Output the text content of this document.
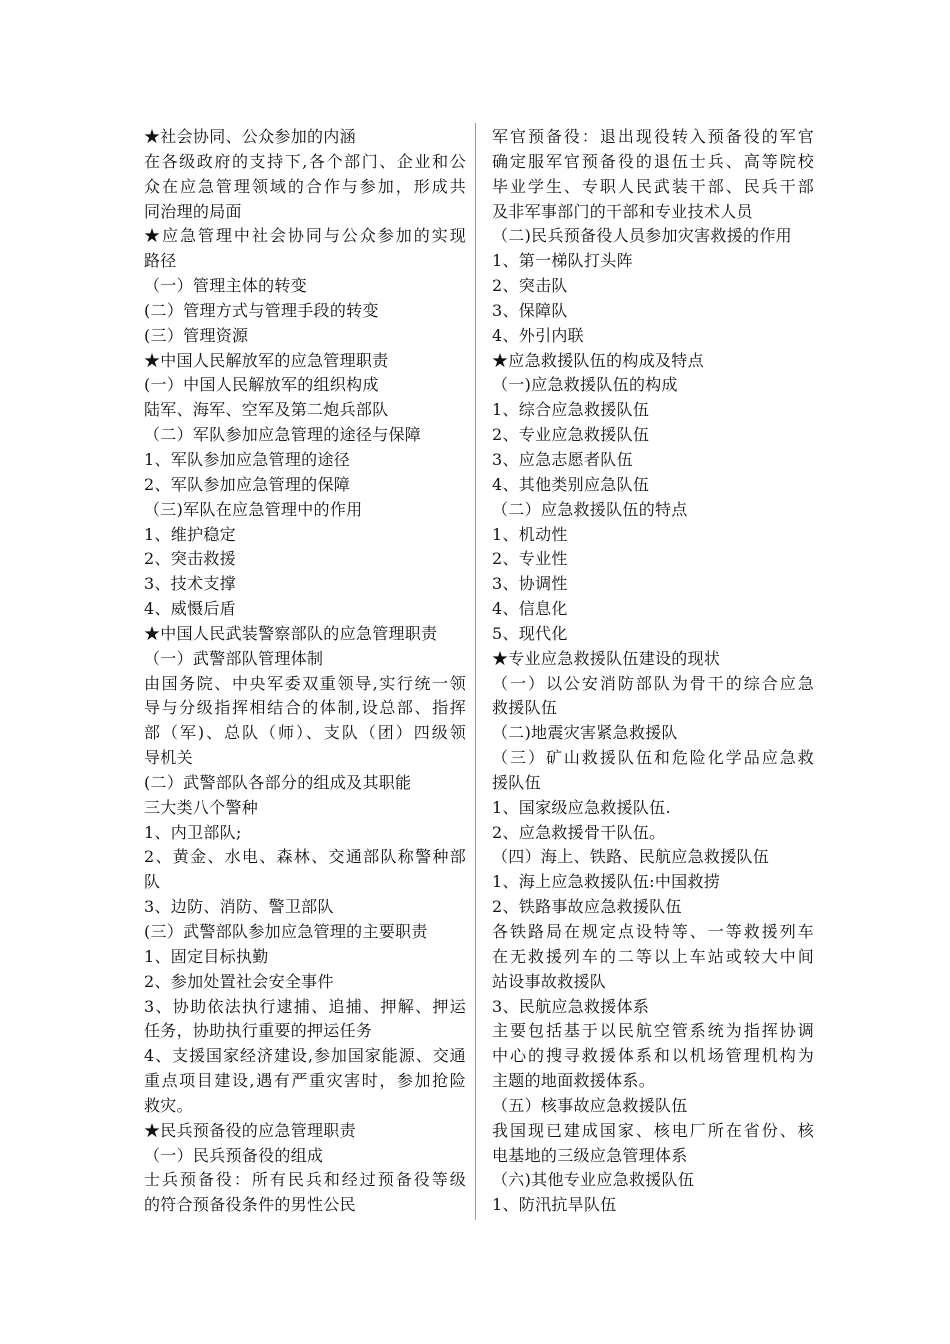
★社会协同、公众参加的内涵
在各级政府的支持下,各个部门、企业和公
众在应急管理领域的合作与参加，形成共
同治理的局面
★应急管理中社会协同与公众参加的实现
路径
（一）管理主体的转变
(二）管理方式与管理手段的转变
(三）管理资源
★中国人民解放军的应急管理职责
(一）中国人民解放军的组织构成
陆军、海军、空军及第二炮兵部队
（二）军队参加应急管理的途径与保障
1、军队参加应急管理的途径
2、军队参加应急管理的保障
（三)军队在应急管理中的作用
1、维护稳定
2、突击救援
3、技术支撑
4、威慑后盾
★中国人民武装警察部队的应急管理职责
（一）武警部队管理体制
由国务院、中央军委双重领导,实行统一领
导与分级指挥相结合的体制,设总部、指挥
部（军)、总队（师）、支队（团）四级领
导机关
(二）武警部队各部分的组成及其职能
三大类八个警种
1、内卫部队;
2、黄金、水电、森林、交通部队称警种部
队
3、边防、消防、警卫部队
(三）武警部队参加应急管理的主要职责
1、固定目标执勤
2、参加处置社会安全事件
3、协助依法执行逮捕、追捕、押解、押运
任务，协助执行重要的押运任务
4、支援国家经济建设,参加国家能源、交通
重点项目建设,遇有严重灾害时，参加抢险
救灾。
★民兵预备役的应急管理职责
（一）民兵预备役的组成
士兵预备役：所有民兵和经过预备役等级
的符合预备役条件的男性公民
军官预备役：退出现役转入预备役的军官
确定服军官预备役的退伍士兵、高等院校
毕业学生、专职人民武装干部、民兵干部
及非军事部门的干部和专业技术人员
（二)民兵预备役人员参加灾害救援的作用
1、第一梯队打头阵
2、突击队
3、保障队
4、外引内联
★应急救援队伍的构成及特点
（一)应急救援队伍的构成
1、综合应急救援队伍
2、专业应急救援队伍
3、应急志愿者队伍
4、其他类别应急队伍
（二）应急救援队伍的特点
1、机动性
2、专业性
3、协调性
4、信息化
5、现代化
★专业应急救援队伍建设的现状
（一）以公安消防部队为骨干的综合应急
救援队伍
（二)地震灾害紧急救援队
（三）矿山救援队伍和危险化学品应急救
援队伍
1、国家级应急救援队伍.
2、应急救援骨干队伍。
（四）海上、铁路、民航应急救援队伍
1、海上应急救援队伍:中国救捞
2、铁路事故应急救援队伍
各铁路局在规定点设特等、一等救援列车
在无救援列车的二等以上车站或较大中间
站设事故救援队
3、民航应急救援体系
主要包括基于以民航空管系统为指挥协调
中心的搜寻救援体系和以机场管理机构为
主题的地面救援体系。
（五）核事故应急救援队伍
我国现已建成国家、核电厂所在省份、核
电基地的三级应急管理体系
（六)其他专业应急救援队伍
1、防汛抗旱队伍
